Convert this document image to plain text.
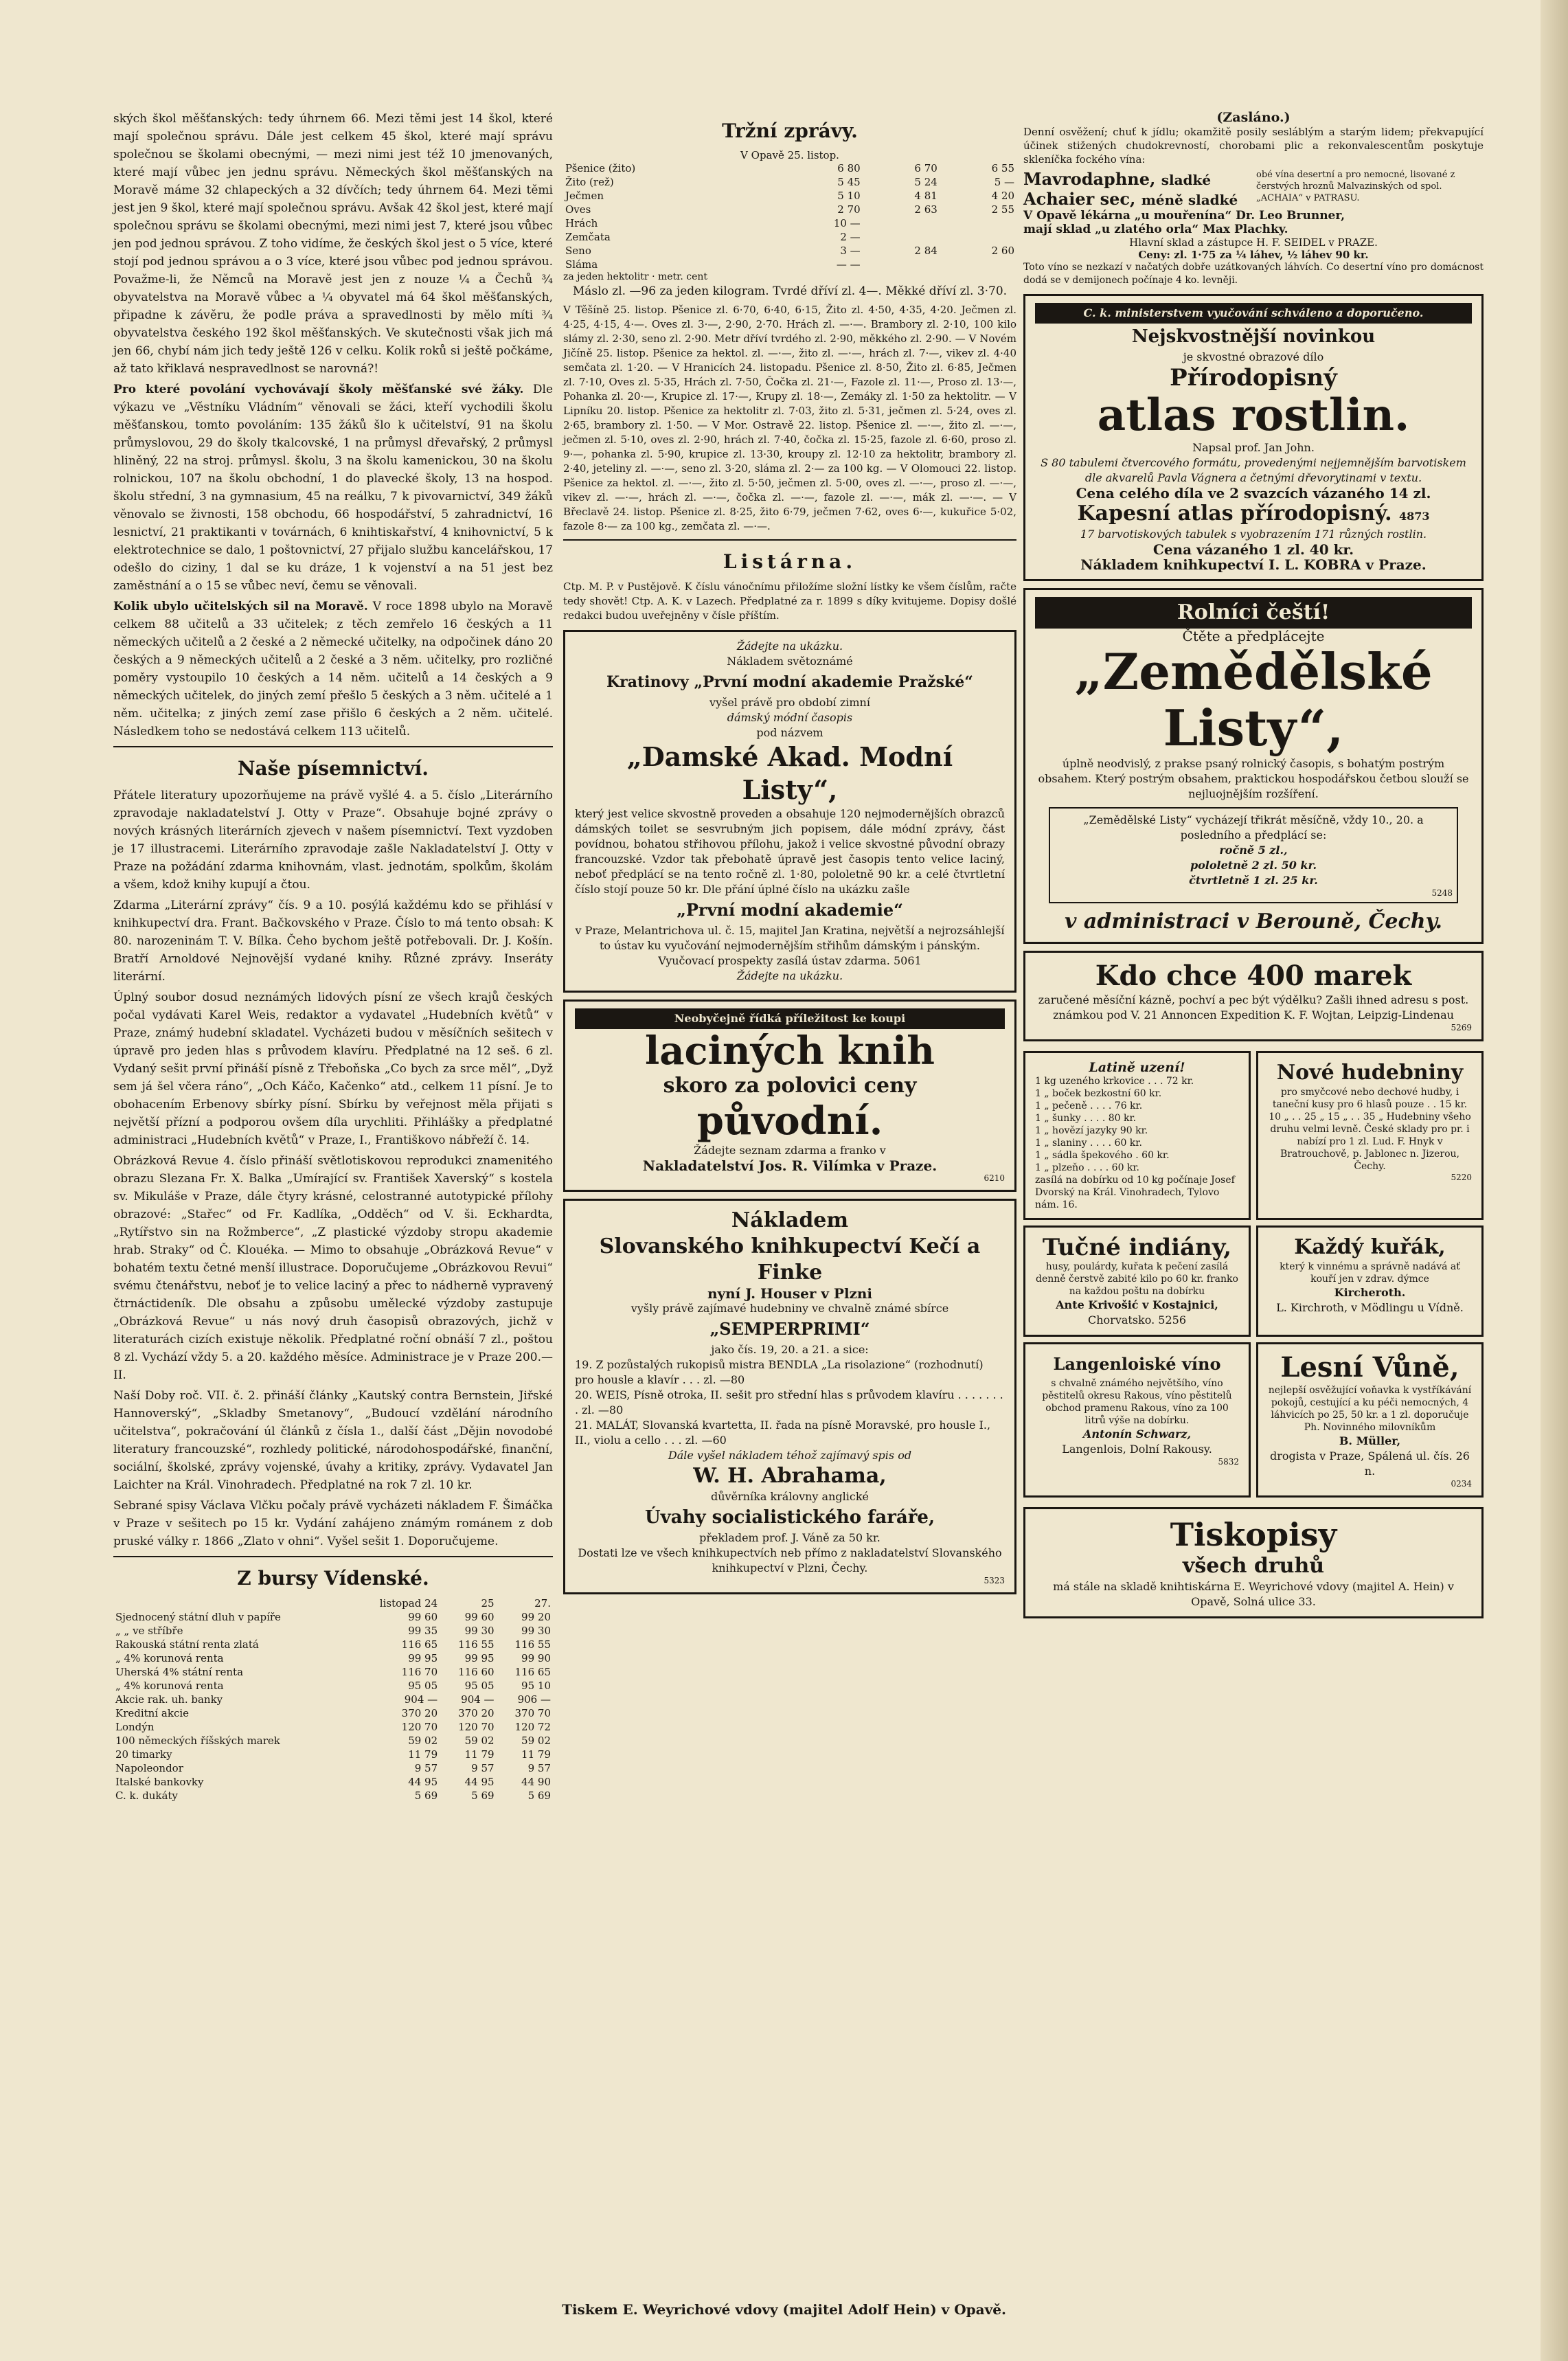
ských škol měšťanských: tedy úhrnem 66. Mezi těmi jest 14 škol, které mají společnou správu. Dále jest celkem 45 škol, které mají správu společnou se školami obecnými, — mezi nimi jest též 10 jmenovaných, které mají vůbec jen jednu správu. Německých škol měšťanských na Moravě máme 32 chlapeckých a 32 dívčích; tedy úhrnem 64. Mezi těmi jest jen 9 škol, které mají společnou správu. Avšak 42 škol jest, které mají společnou správu se školami obecnými, mezi nimi jest 7, které jsou vůbec jen pod jednou správou. Z toho vidíme, že českých škol jest o 5 více, které stojí pod jednou správou a o 3 více, které jsou vůbec pod jednou správou. Považme-li, že Němců na Moravě jest jen z nouze ¼ a Čechů ¾ obyvatelstva na Moravě vůbec a ¼ obyvatel má 64 škol měšťanských, připadne k závěru, že podle práva a spravedlnosti by mělo míti ¾ obyvatelstva českého 192 škol měšťanských. Ve skutečnosti však jich má jen 66, chybí nám jich tedy ještě 126 v celku. Kolik roků si ještě počkáme, až tato křiklavá nespravedlnost se narovná?!

Pro které povolání vychovávají školy měšťanské své žáky. Dle výkazu ve „Věstníku Vládním“ věnovali se žáci, kteří vychodili školu měšťanskou, tomto povoláním: 135 žáků šlo k učitelství, 91 na školu průmyslovou, 29 do školy tkalcovské, 1 na průmysl dřevařský, 2 průmysl hliněný, 22 na stroj. průmysl. školu, 3 na školu kamenickou, 30 na školu rolnickou, 107 na školu obchodní, 1 do plavecké školy, 13 na hospod. školu střední, 3 na gymnasium, 45 na reálku, 7 k pivovarnictví, 349 žáků věnovalo se živnosti, 158 obchodu, 66 hospodářství, 5 zahradnictví, 16 lesnictví, 21 praktikanti v továrnách, 6 knihtiskařství, 4 knihovnictví, 5 k elektrotechnice se dalo, 1 poštovnictví, 27 přijalo službu kancelářskou, 17 odešlo do ciziny, 1 dal se ku dráze, 1 k vojenství a na 51 jest bez zaměstnání a o 15 se vůbec neví, čemu se věnovali.

Kolik ubylo učitelských sil na Moravě. V roce 1898 ubylo na Moravě celkem 88 učitelů a 33 učitelek; z těch zemřelo 16 českých a 11 německých učitelů a 2 české a 2 německé učitelky, na odpočinek dáno 20 českých a 9 německých učitelů a 2 české a 3 něm. učitelky, pro rozličné poměry vystoupilo 10 českých a 14 něm. učitelů a 14 českých a 9 německých učitelek, do jiných zemí přešlo 5 českých a 3 něm. učitelé a 1 něm. učitelka; z jiných zemí zase přišlo 6 českých a 2 něm. učitelé. Následkem toho se nedostává celkem 113 učitelů.

Naše písemnictví.

Přátele literatury upozorňujeme na právě vyšlé 4. a 5. číslo „Literárního zpravodaje nakladatelství J. Otty v Praze“. Obsahuje bojné zprávy o nových krásných literárních zjevech v našem písemnictví. Text vyzdoben je 17 illustracemi. Literárního zpravodaje zašle Nakladatelství J. Otty v Praze na požádání zdarma knihovnám, vlast. jednotám, spolkům, školám a všem, kdož knihy kupují a čtou.

Zdarma „Literární zprávy“ čís. 9 a 10. posýlá každému kdo se přihlásí v knihkupectví dra. Frant. Bačkovského v Praze. Číslo to má tento obsah: K 80. narozeninám T. V. Bílka. Čeho bychom ještě potřebovali. Dr. J. Košín. Bratří Arnoldové Nejnovější vydané knihy. Různé zprávy. Inseráty literární.

Úplný soubor dosud neznámých lidových písní ze všech krajů českých počal vydávati Karel Weis, redaktor a vydavatel „Hudebních květů“ v Praze, známý hudební skladatel. Vycházeti budou v měsíčních sešitech v úpravě pro jeden hlas s průvodem klavíru. Předplatné na 12 seš. 6 zl. Vydaný sešit první přináší písně z Třeboňska „Co bych za srce měl“, „Dyž sem já šel včera ráno“, „Och Káčo, Kačenko“ atd., celkem 11 písní. Je to obohacením Erbenovy sbírky písní. Sbírku by veřejnost měla přijati s největší přízní a podporou ovšem díla urychliti. Přihlášky a předplatné administraci „Hudebních květů“ v Praze, I., Františkovo nábřeží č. 14.

Obrázková Revue 4. číslo přináší světlotiskovou reprodukci znamenitého obrazu Slezana Fr. X. Balka „Umírající sv. František Xaverský“ s kostela sv. Mikuláše v Praze, dále čtyry krásné, celostranné autotypické přílohy obrazové: „Stařec“ od Fr. Kadlíka, „Odděch“ od V. ši. Eckhardta, „Rytířstvo sin na Rožmberce“, „Z plastické výzdoby stropu akademie hrab. Straky“ od Č. Klouéka. — Mimo to obsahuje „Obrázková Revue“ v bohatém textu četné menší illustrace. Doporučujeme „Obrázkovou Revui“ svému čtenářstvu, neboť je to velice laciný a přec to nádherně vypravený čtrnáctideník. Dle obsahu a způsobu umělecké výzdoby zastupuje „Obrázková Revue“ u nás nový druh časopisů obrazových, jichž v literaturách cizích existuje několik. Předplatné roční obnáší 7 zl., poštou 8 zl. Vychází vždy 5. a 20. každého měsíce. Administrace je v Praze 200.—II.

Naší Doby roč. VII. č. 2. přináší články „Kautský contra Bernstein, Jiřské Hannoverský“, „Skladby Smetanovy“, „Budoucí vzdělání národního učitelstva“, pokračování úl článků z čísla 1., další část „Dějin novodobé literatury francouzské“, rozhledy politické, národohospodářské, finanční, sociální, školské, zprávy vojenské, úvahy a kritiky, zprávy. Vydavatel Jan Laichter na Král. Vinohradech. Předplatné na rok 7 zl. 10 kr.

Sebrané spisy Václava Vlčku počaly právě vycházeti nákladem F. Šimáčka v Praze v sešitech po 15 kr. Vydání zahájeno známým románem z dob pruské války r. 1866 „Zlato v ohni“. Vyšel sešit 1. Doporučujeme.

Z bursy Vídenské.
	listopad 24	25	27.
Sjednocený státní dluh v papíře	99 60	99 60	99 20
„ „ ve stříbře	99 35	99 30	99 30
Rakouská státní renta zlatá	116 65	116 55	116 55
„ 4% korunová renta	99 95	99 95	99 90
Uherská 4% státní renta	116 70	116 60	116 65
„ 4% korunová renta	95 05	95 05	95 10
Akcie rak. uh. banky	904 —	904 —	906 —
Kreditní akcie	370 20	370 20	370 70
Londýn	120 70	120 70	120 72
100 německých říšských marek	59 02	59 02	59 02
20 timarky	11 79	11 79	11 79
Napoleondor	9 57	9 57	9 57
Italské bankovky	44 95	44 95	44 90
C. k. dukáty	5 69	5 69	5 69
Tržní zprávy.
V Opavě 25. listop.
Pšenice (žito)	6 80	6 70	6 55
Žito (rež)	5 45	5 24	5 —
Ječmen	5 10	4 81	4 20
Oves	2 70	2 63	2 55
Hrách	10 —		
Zemčata	2 —		
Seno	3 —	2 84	2 60
Sláma	— —		
za jeden hektolitr · metr. cent

Máslo zl. —96 za jeden kilogram. Tvrdé dříví zl. 4—. Měkké dříví zl. 3·70.

V Těšíně 25. listop. Pšenice zl. 6·70, 6·40, 6·15, Žito zl. 4·50, 4·35, 4·20. Ječmen zl. 4·25, 4·15, 4·—. Oves zl. 3·—, 2·90, 2·70. Hrách zl. —·—. Brambory zl. 2·10, 100 kilo slámy zl. 2·30, seno zl. 2·90. Metr dříví tvrdého zl. 2·90, měkkého zl. 2·90. — V Novém Jičíně 25. listop. Pšenice za hektol. zl. —·—, žito zl. —·—, hrách zl. 7·—, vikev zl. 4·40 semčata zl. 1·20. — V Hranicích 24. listopadu. Pšenice zl. 8·50, Žito zl. 6·85, Ječmen zl. 7·10, Oves zl. 5·35, Hrách zl. 7·50, Čočka zl. 21·—, Fazole zl. 11·—, Proso zl. 13·—, Pohanka zl. 20·—, Krupice zl. 17·—, Krupy zl. 18·—, Zemáky zl. 1·50 za hektolitr. — V Lipníku 20. listop. Pšenice za hektolitr zl. 7·03, žito zl. 5·31, ječmen zl. 5·24, oves zl. 2·65, brambory zl. 1·50. — V Mor. Ostravě 22. listop. Pšenice zl. —·—, žito zl. —·—, ječmen zl. 5·10, oves zl. 2·90, hrách zl. 7·40, čočka zl. 15·25, fazole zl. 6·60, proso zl. 9·—, pohanka zl. 5·90, krupice zl. 13·30, kroupy zl. 12·10 za hektolitr, brambory zl. 2·40, jeteliny zl. —·—, seno zl. 3·20, sláma zl. 2·— za 100 kg. — V Olomouci 22. listop. Pšenice za hektol. zl. —·—, žito zl. 5·50, ječmen zl. 5·00, oves zl. —·—, proso zl. —·—, vikev zl. —·—, hrách zl. —·—, čočka zl. —·—, fazole zl. —·—, mák zl. —·—. — V Břeclavě 24. listop. Pšenice zl. 8·25, žito 6·79, ječmen 7·62, oves 6·—, kukuřice 5·02, fazole 8·— za 100 kg., zemčata zl. —·—.

Listárna.

Ctp. M. P. v Pustějově. K číslu vánočnímu přiložíme složní lístky ke všem číslům, račte tedy shovět! Ctp. A. K. v Lazech. Předplatné za r. 1899 s díky kvitujeme. Dopisy došlé redakci budou uveřejněny v čísle příštím.

Žádejte na ukázku.
Nákladem světoznámé
Kratinovy „První modní akademie Pražské“
vyšel právě pro období zimní
dámský módní časopis
pod názvem
„Damské Akad. Modní Listy“,
který jest velice skvostně proveden a obsahuje 120 nejmodernějších obrazců dámských toilet se sesvrubným jich popisem, dále módní zprávy, část povídnou, bohatou střihovou přílohu, jakož i velice skvostné původní obrazy francouzské. Vzdor tak přebohatě úpravě jest časopis tento velice laciný, neboť předplácí se na tento ročně zl. 1·80, pololetně 90 kr. a celé čtvrtletní číslo stojí pouze 50 kr. Dle přání úplné číslo na ukázku zašle
„První modní akademie“
v Praze, Melantrichova ul. č. 15, majitel Jan Kratina, největší a nejrozsáhlejší to ústav ku vyučování nejmodernějším střihům dámským i pánským.
Vyučovací prospekty zasílá ústav zdarma. 5061
Žádejte na ukázku.
Neobyčejně řídká příležitost ke koupi
laciných knih
skoro za polovici ceny
původní.
Žádejte seznam zdarma a franko v
Nakladatelství Jos. R. Vilímka v Praze.
6210
Nákladem
Slovanského knihkupectví Kečí a Finke
nyní J. Houser v Plzni
vyšly právě zajímavé hudebniny ve chvalně známé sbírce
„SEMPERPRIMI“
jako čís. 19, 20. a 21. a sice:
19. Z pozůstalých rukopisů mistra BENDLA „La risolazione“ (rozhodnutí) pro housle a klavír . . . zl. —80
20. WEIS, Písně otroka, II. sešit pro střední hlas s průvodem klavíru . . . . . . . . zl. —80
21. MALÁT, Slovanská kvartetta, II. řada na písně Moravské, pro housle I., II., violu a cello . . . zl. —60
Dále vyšel nákladem téhož zajímavý spis od
W. H. Abrahama,
důvěrníka královny anglické
Úvahy socialistického faráře,
překladem prof. J. Váně za 50 kr.
Dostati lze ve všech knihkupectvích neb přímo z nakladatelství Slovanského knihkupectví v Plzni, Čechy.
5323
(Zasláno.)

Denní osvěžení; chuť k jídlu; okamžitě posily sesláblým a starým lidem; překvapující účinek stižených chudokrevností, chorobami plic a rekonvalescentům poskytuje skleníčka fockého vína:

Mavrodaphne, sladké
Achaier sec, méně sladké
obé vína desertní a pro nemocné, lisované z čerstvých hroznů Malvazinských od spol. „ACHAIA“ v PATRASU.
V Opavě lékárna „u mouřenína“ Dr. Leo Brunner,
mají sklad „u zlatého orla“ Max Plachky.
Hlavní sklad a zástupce H. F. SEIDEL v PRAZE.
Ceny: zl. 1·75 za ¼ láhev, ½ láhev 90 kr.

Toto víno se nezkazí v načatých dobře uzátkovaných láhvích. Co desertní víno pro domácnost dodá se v demijonech počínaje 4 ko. levněji.

C. k. ministerstvem vyučování schváleno a doporučeno.
Nejskvostnější novinkou
je skvostné obrazové dílo
Přírodopisný
atlas rostlin.
Napsal prof. Jan John.
S 80 tabulemi čtvercového formátu, provedenými nejjemnějším barvotiskem dle akvarelů Pavla Vágnera a četnými dřevorytinami v textu.
Cena celého díla ve 2 svazcích vázaného 14 zl.
Kapesní atlas přírodopisný. 4873
17 barvotiskových tabulek s vyobrazením 171 různých rostlin.
Cena vázaného 1 zl. 40 kr.
Nákladem knihkupectví I. L. KOBRA v Praze.
Rolníci čeští!
Čtěte a předplácejte
„Zemědělské
Listy“,
úplně neodvislý, z prakse psaný rolnický časopis, s bohatým postrým obsahem. Který postrým obsahem, praktickou hospodářskou četbou slouží se nejluojnějším rozšíření.
„Zemědělské Listy“ vycházejí třikrát měsíčně, vždy 10., 20. a posledního a předplácí se:
ročně 5 zl.,
pololetně 2 zl. 50 kr.
čtvrtletně 1 zl. 25 kr.
5248
v administraci v Berouně, Čechy.
Kdo chce 400 marek
zaručené měsíční kázně, pochví a pec být výdělku? Zašli ihned adresu s post. známkou pod V. 21 Annoncen Expedition K. F. Wojtan, Leipzig-Lindenau
5269
Latině uzení!
1 kg uzeného krkovice . . . 72 kr.
1 „ boček bezkostní 60 kr.
1 „ pečeně . . . . 76 kr.
1 „ šunky . . . . 80 kr.
1 „ hovězí jazyky 90 kr.
1 „ slaniny . . . . 60 kr.
1 „ sádla špekového . 60 kr.
1 „ plzeňo . . . . 60 kr.
zasílá na dobírku od 10 kg počínaje Josef Dvorský na Král. Vinohradech, Tylovo nám. 16.
Nové hudebniny
pro smyčcové nebo dechové hudby, i taneční kusy pro 6 hlasů pouze . . 15 kr. 10 „ . . 25 „ 15 „ . . 35 „ Hudebniny všeho druhu velmi levně. České sklady pro pr. i nabízí pro 1 zl. Lud. F. Hnyk v Bratrouchově, p. Jablonec n. Jizerou, Čechy.
5220
Tučné indiány,
husy, poulárdy, kuřata k pečení zasílá denně čerstvě zabité kilo po 60 kr. franko na každou poštu na dobírku
Ante Krivošić v Kostajnici,
Chorvatsko. 5256
Každý kuřák,
který k vinnému a správně nadává ať kouří jen v zdrav. dýmce
Kircheroth.
L. Kirchroth, v Mödlingu u Vídně.
Langenloiské víno
s chvalně známého největšího, víno pěstitelů okresu Rakous, víno pěstitelů obchod pramenu Rakous, víno za 100 litrů výše na dobírku.
Antonín Schwarz,
Langenlois, Dolní Rakousy.
5832
Lesní Vůně,
nejlepší osvěžující voňavka k vystříkávání pokojů, cestující a ku péči nemocných, 4 láhvicích po 25, 50 kr. a 1 zl. doporučuje Ph. Novinného milovníkům
B. Müller,
drogista v Praze, Spálená ul. čís. 26 n.
0234
Tiskopisy
všech druhů
má stále na skladě knihtiskárna E. Weyrichové vdovy (majitel A. Hein) v Opavě, Solná ulice 33.
Tiskem E. Weyrichové vdovy (majitel Adolf Hein) v Opavě.
